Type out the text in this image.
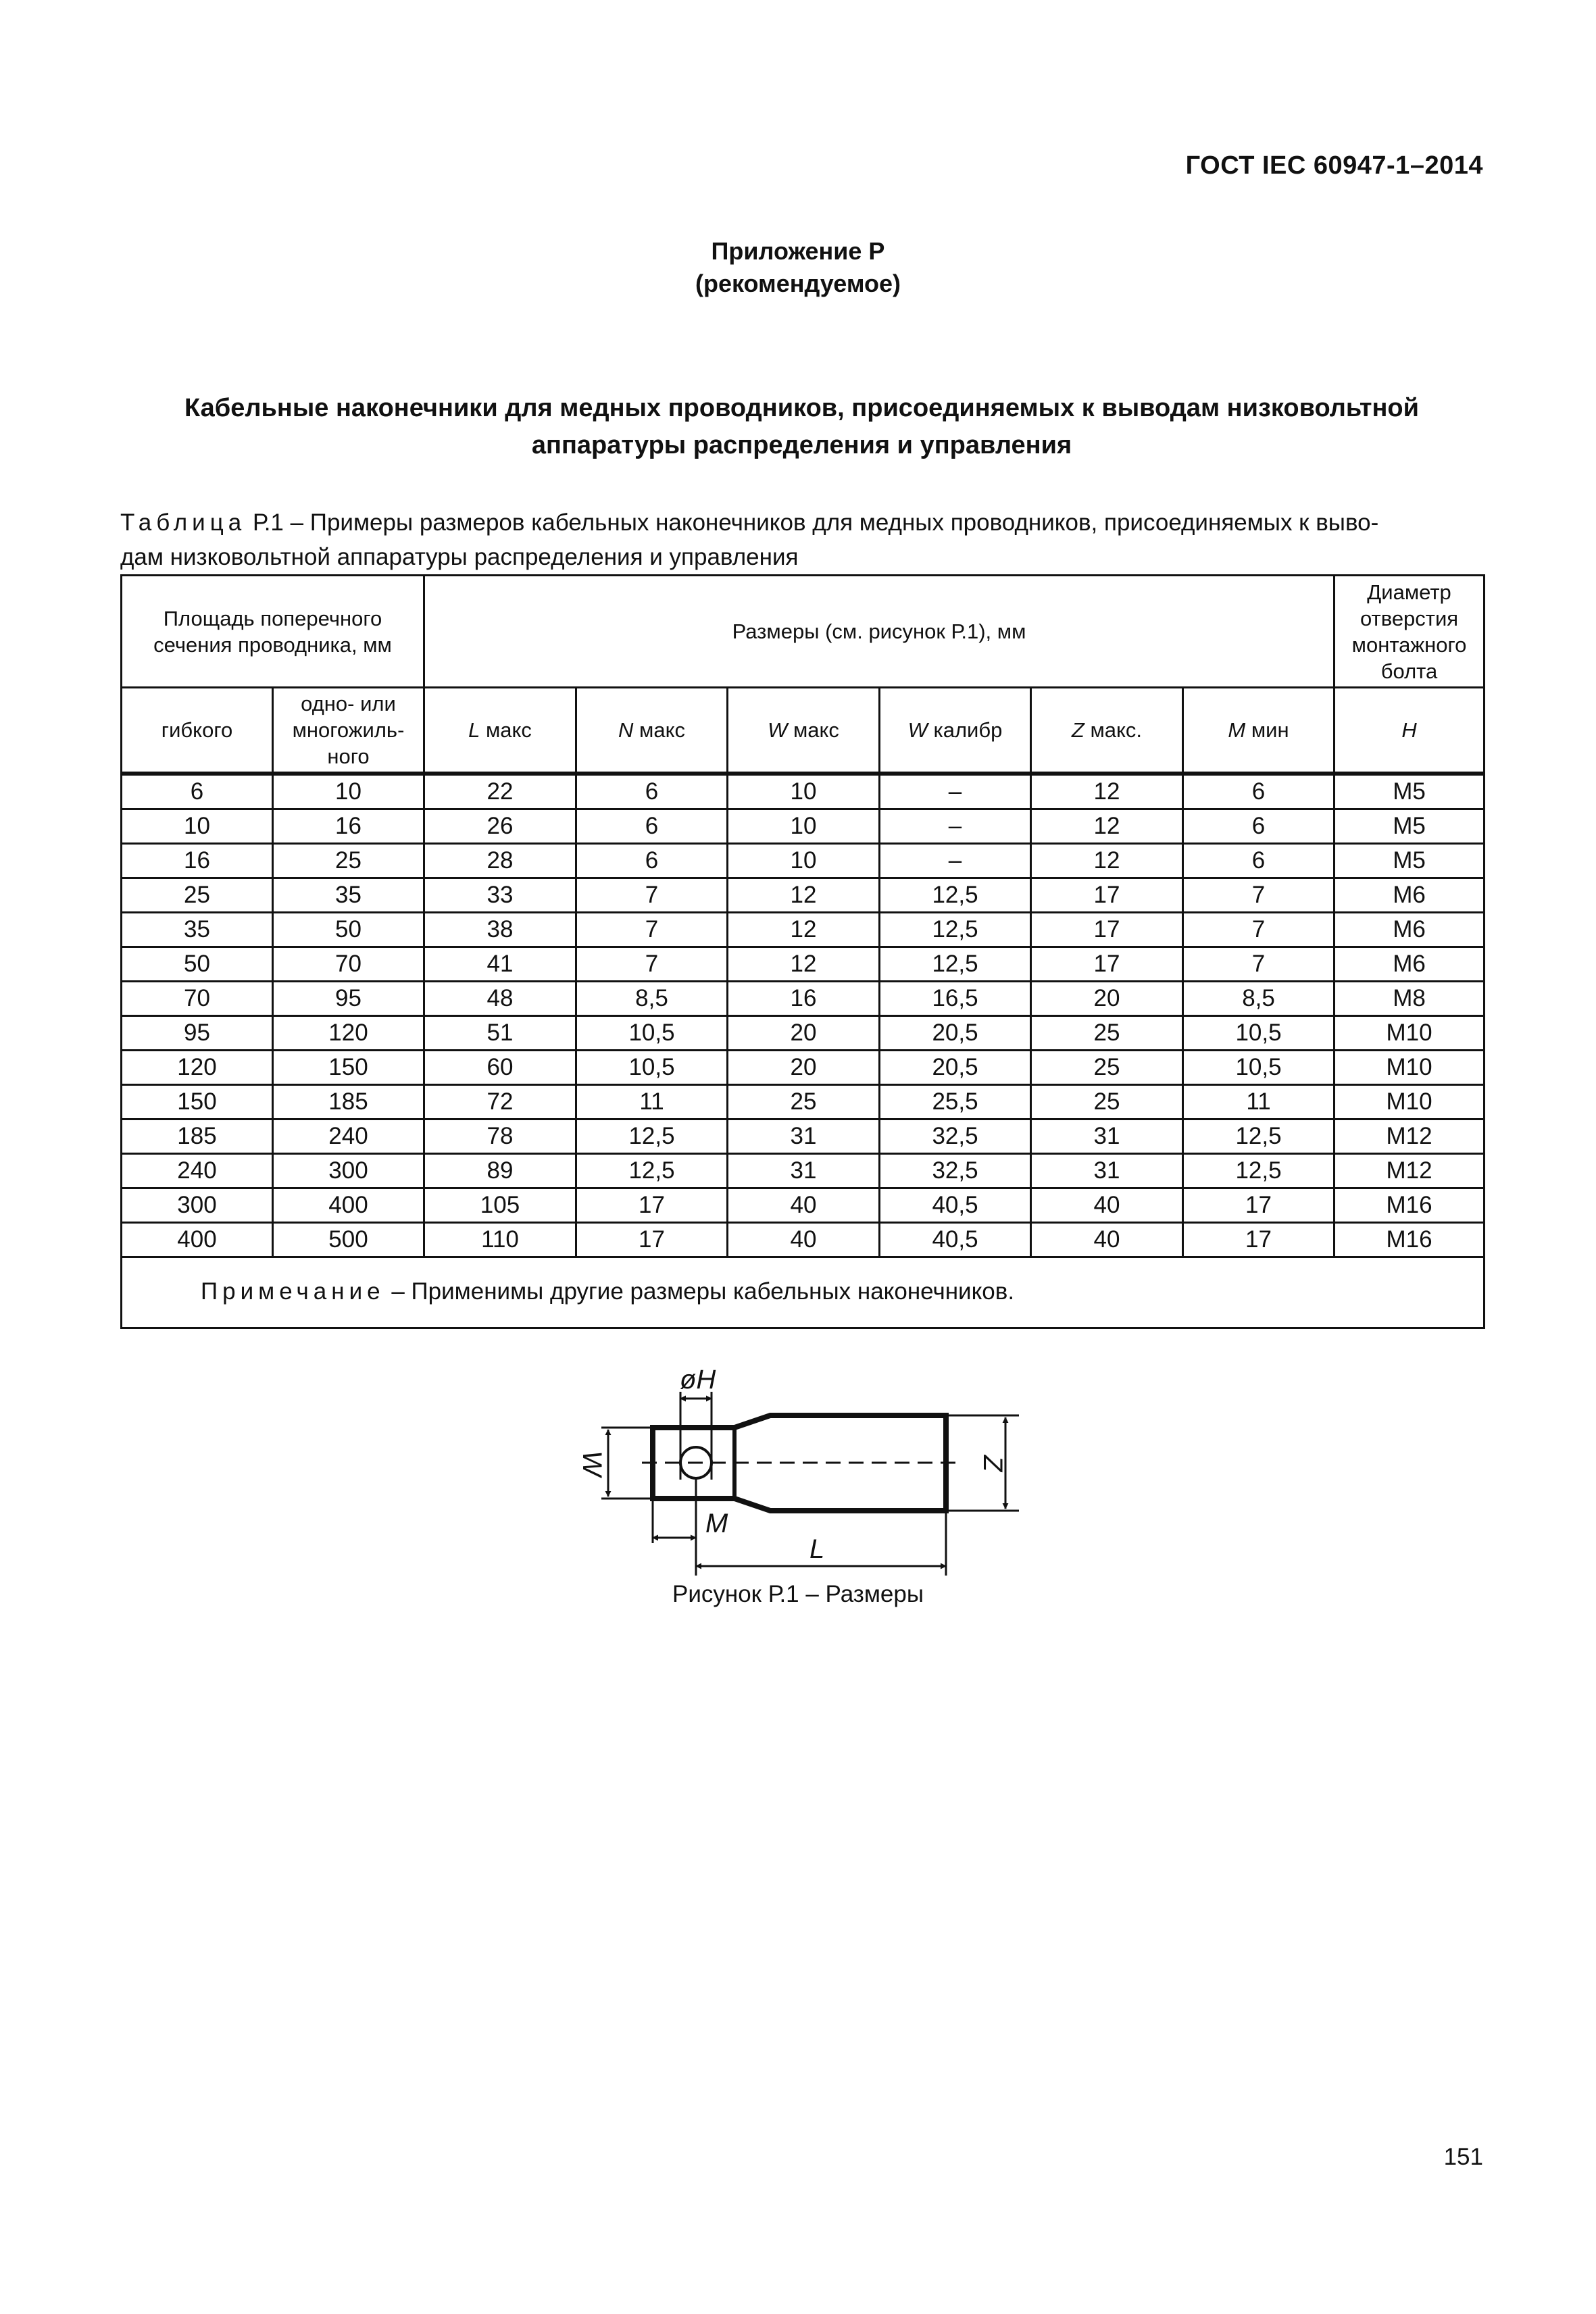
ГОСТ IEC 60947-1–2014
Приложение Р
(рекомендуемое)
Кабельные наконечники для медных проводников, присоединяемых к выводам низковольтной
аппаратуры распределения и управления
Таблица Р.1 – Примеры размеров кабельных наконечников для медных проводников, присоединяемых к выво-
дам низковольтной аппаратуры распределения и управления
Площадь поперечного сечения проводника, мм		Размеры (см. рисунок Р.1), мм						Диаметр отверстия монтажного болта
гибкого	одно- или многожиль-ного	L макс	N макс	W макс	W калибр	Z макс.	M мин	H
6	10	22	6	10	–	12	6	M5
10	16	26	6	10	–	12	6	M5
16	25	28	6	10	–	12	6	M5
25	35	33	7	12	12,5	17	7	M6
35	50	38	7	12	12,5	17	7	M6
50	70	41	7	12	12,5	17	7	M6
70	95	48	8,5	16	16,5	20	8,5	M8
95	120	51	10,5	20	20,5	25	10,5	M10
120	150	60	10,5	20	20,5	25	10,5	M10
150	185	72	11	25	25,5	25	11	M10
185	240	78	12,5	31	32,5	31	12,5	M12
240	300	89	12,5	31	32,5	31	12,5	M12
300	400	105	17	40	40,5	40	17	M16
400	500	110	17	40	40,5	40	17	M16
Примечание – Применимы другие размеры кабельных наконечников.								
øH
W	Z
M
L
Рисунок Р.1 – Размеры
151
